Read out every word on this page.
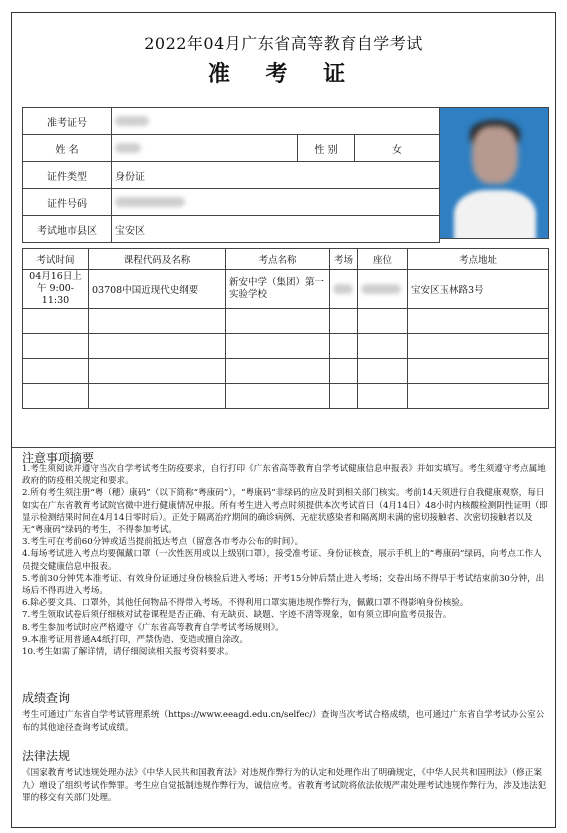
2022年04月广东省高等教育自学考试
准 考 证
准考证号			
姓 名		性 别	女
证件类型	身份证		
证件号码			
考试地市县区	宝安区		
考试时间	课程代码及名称	考点名称	考场	座位	考点地址
04月16日上午 9:00-11:30	03708中国近现代史纲要	新安中学（集团）第一实验学校			宝安区玉林路3号

注意事项摘要
1.考生须阅读并遵守当次自学考试考生防疫要求，自行打印《广东省高等教育自学考试健康信息申报表》并如实填写。考生须遵守考点属地政府的防疫相关规定和要求。
2.所有考生须注册“粤（穗）康码”（以下简称“粤康码”），“粤康码”非绿码的应及时到相关部门核实。考前14天须进行自我健康观察，每日如实在广东省教育考试院官微中进行健康情况申报。所有考生进入考点时须提供本次考试首日（4月14日）48小时内核酸检测阴性证明（即显示检测结果时间在4月14日零时后）。正处于隔离治疗期间的确诊病例、无症状感染者和隔离期未满的密切接触者、次密切接触者以及无“粤康码”绿码的考生，不得参加考试。
3.考生可在考前60分钟或适当提前抵达考点（留意各市考办公布的时间）。
4.每场考试进入考点均要佩戴口罩（一次性医用或以上级别口罩），接受准考证、身份证核查，展示手机上的“粤康码”绿码，向考点工作人员提交健康信息申报表。
5.考前30分钟凭本准考证、有效身份证通过身份核验后进入考场；开考15分钟后禁止进入考场；交卷出场不得早于考试结束前30分钟，出场后不得再进入考场。
6.除必要文具、口罩外，其他任何物品不得带入考场。不得利用口罩实施违规作弊行为，佩戴口罩不得影响身份核验。
7.考生领取试卷后须仔细核对试卷课程是否正确、有无缺页、缺题、字迹不清等现象，如有须立即向监考员报告。
8.考生参加考试时应严格遵守《广东省高等教育自学考试考场规则》。
9.本准考证用普通A4纸打印，严禁伪造、变造或擅自涂改。
10.考生如需了解详情，请仔细阅读相关报考资料要求。
成绩查询
考生可通过广东省自学考试管理系统（https://www.eeagd.edu.cn/selfec/）查询当次考试合格成绩，也可通过广东省自学考试办公室公布的其他途径查询考试成绩。
法律法规
《国家教育考试违规处理办法》《中华人民共和国教育法》对违规作弊行为的认定和处理作出了明确规定，《中华人民共和国刑法》（修正案九）增设了组织考试作弊罪。考生应自觉抵制违规作弊行为，诚信应考。省教育考试院将依法依规严肃处理考试违规作弊行为，涉及违法犯罪的移交有关部门处理。
